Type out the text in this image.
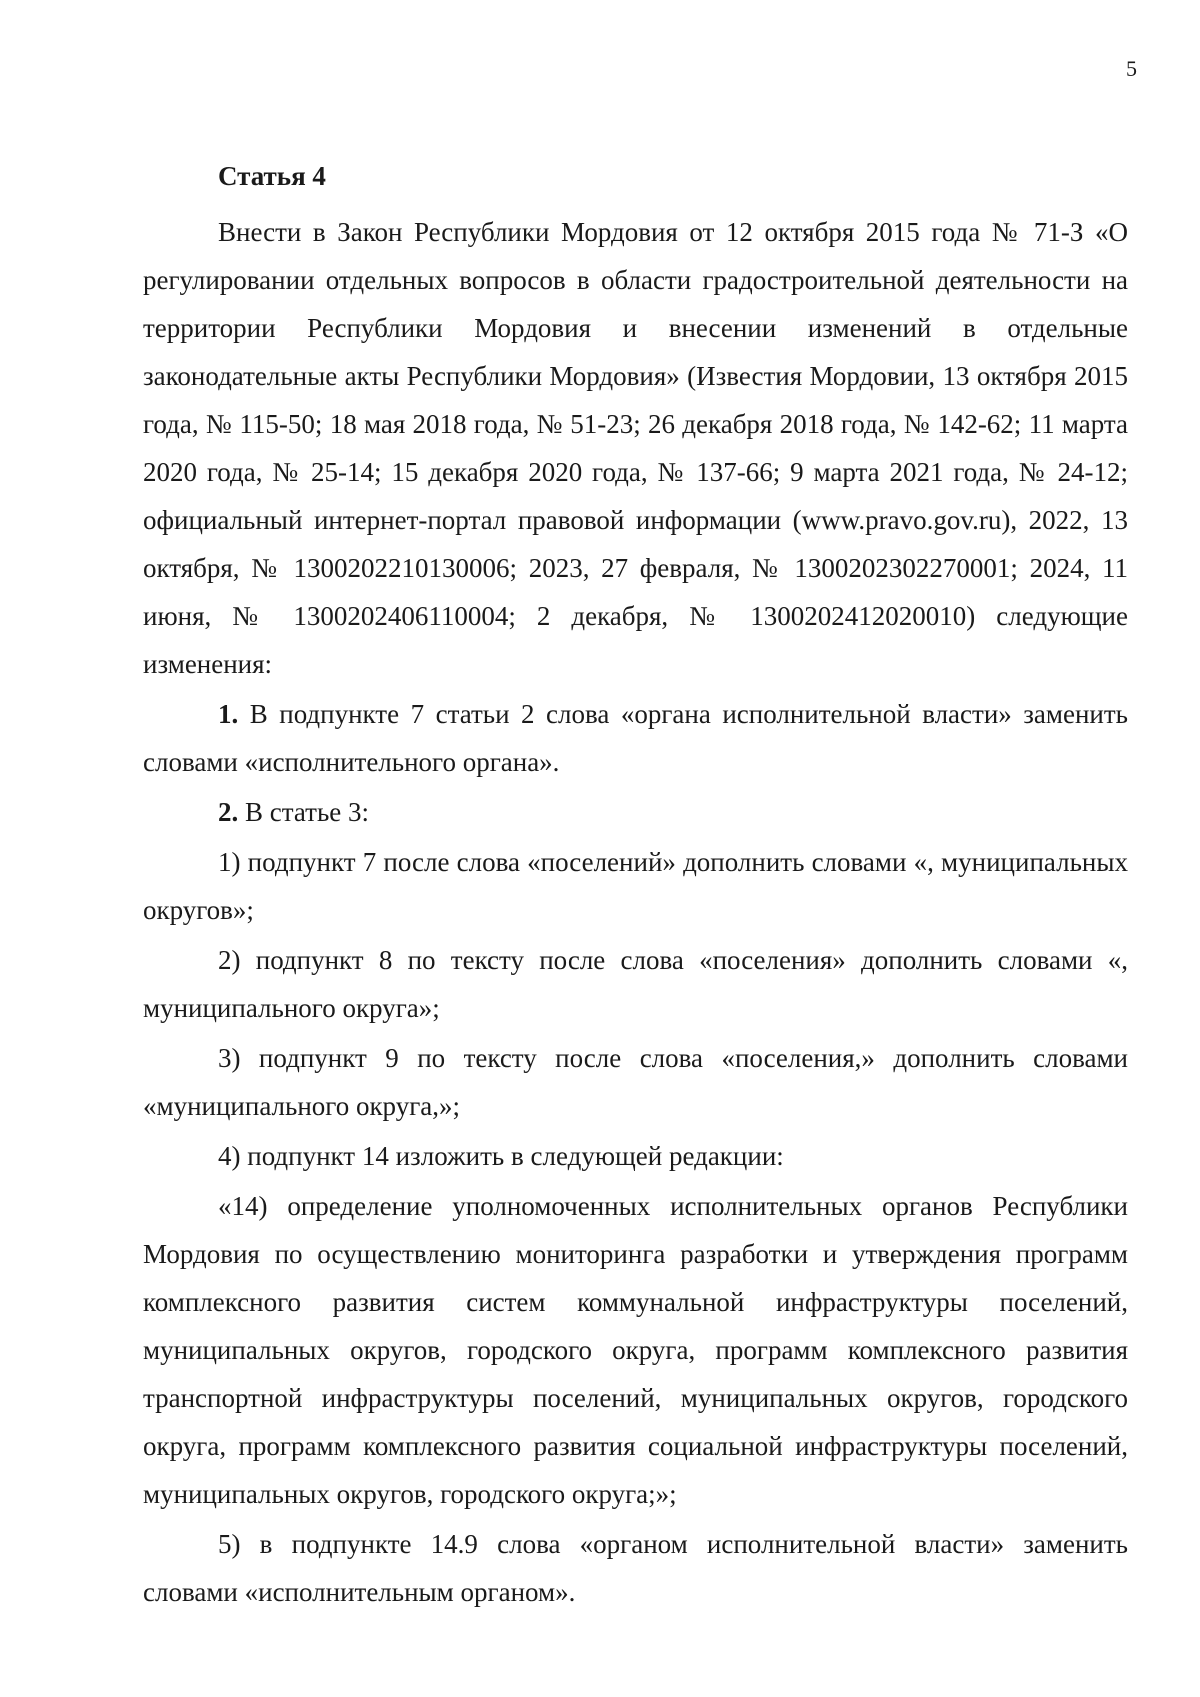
5
Статья 4

Внести в Закон Республики Мордовия от 12 октября 2015 года № 71-З «О регулировании отдельных вопросов в области градостроительной деятельности на территории Республики Мордовия и внесении изменений в отдельные законодательные акты Республики Мордовия» (Известия Мордовии, 13 октября 2015 года, № 115-50; 18 мая 2018 года, № 51-23; 26 декабря 2018 года, № 142-62; 11 марта 2020 года, № 25-14; 15 декабря 2020 года, № 137-66; 9 марта 2021 года, № 24-12; официальный интернет-портал правовой информации (www.pravo.gov.ru), 2022, 13 октября, № 1300202210130006; 2023, 27 февраля, № 1300202302270001; 2024, 11 июня, № 1300202406110004; 2 декабря, № 1300202412020010) следующие изменения:

1. В подпункте 7 статьи 2 слова «органа исполнительной власти» заменить словами «исполнительного органа».

2. В статье 3:

1) подпункт 7 после слова «поселений» дополнить словами «, муниципальных округов»;

2) подпункт 8 по тексту после слова «поселения» дополнить словами «, муниципального округа»;

3) подпункт 9 по тексту после слова «поселения,» дополнить словами «муниципального округа,»;

4) подпункт 14 изложить в следующей редакции:

«14) определение уполномоченных исполнительных органов Республики Мордовия по осуществлению мониторинга разработки и утверждения программ комплексного развития систем коммунальной инфраструктуры поселений, муниципальных округов, городского округа, программ комплексного развития транспортной инфраструктуры поселений, муниципальных округов, городского округа, программ комплексного развития социальной инфраструктуры поселений, муниципальных округов, городского округа;»;

5) в подпункте 14.9 слова «органом исполнительной власти» заменить словами «исполнительным органом».
